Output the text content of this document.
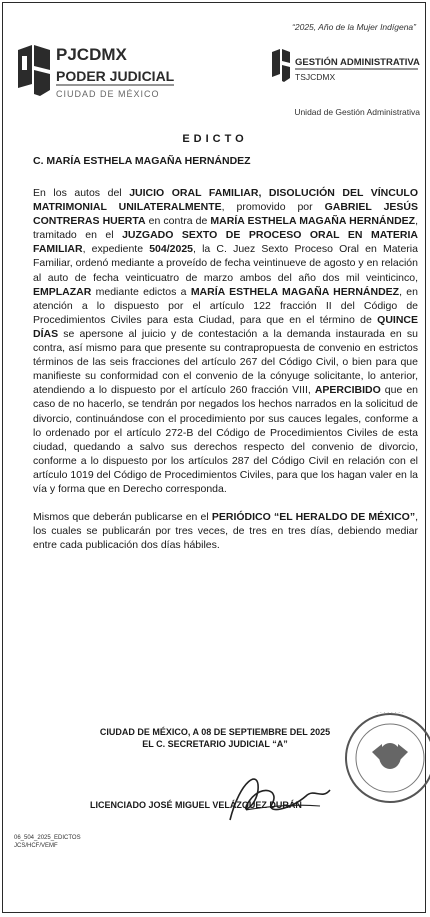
“2025, Año de la Mujer Indígena”
PJCDMX
PODER JUDICIAL
CIUDAD DE MÉXICO
GESTIÓN ADMINISTRATIVA
TSJCDMX
Unidad de Gestión Administrativa
EDICTO
C. MARÍA ESTHELA MAGAÑA HERNÁNDEZ

En los autos del JUICIO ORAL FAMILIAR, DISOLUCIÓN DEL VÍNCULO MATRIMONIAL UNILATERALMENTE, promovido por GABRIEL JESÚS CONTRERAS HUERTA en contra de MARÍA ESTHELA MAGAÑA HERNÁNDEZ, tramitado en el JUZGADO SEXTO DE PROCESO ORAL EN MATERIA FAMILIAR, expediente 504/2025, la C. Juez Sexto Proceso Oral en Materia Familiar, ordenó mediante a proveído de fecha veintinueve de agosto y en relación al auto de fecha veinticuatro de marzo ambos del año dos mil veinticinco, EMPLAZAR mediante edictos a MARÍA ESTHELA MAGAÑA HERNÁNDEZ, en atención a lo dispuesto por el artículo 122 fracción II del Código de Procedimientos Civiles para esta Ciudad, para que en el término de QUINCE DÍAS se apersone al juicio y de contestación a la demanda instaurada en su contra, así mismo para que presente su contrapropuesta de convenio en estrictos términos de las seis fracciones del artículo 267 del Código Civil, o bien para que manifieste su conformidad con el convenio de la cónyuge solicitante, lo anterior, atendiendo a lo dispuesto por el artículo 260 fracción VIII, APERCIBIDO que en caso de no hacerlo, se tendrán por negados los hechos narrados en la solicitud de divorcio, continuándose con el procedimiento por sus cauces legales, conforme a lo ordenado por el artículo 272-B del Código de Procedimientos Civiles de esta ciudad, quedando a salvo sus derechos respecto del convenio de divorcio, conforme a lo dispuesto por los artículos 287 del Código Civil en relación con el artículo 1019 del Código de Procedimientos Civiles, para que los hagan valer en la vía y forma que en Derecho corresponda.

Mismos que deberán publicarse en el PERIÓDICO “EL HERALDO DE MÉXICO”, los cuales se publicarán por tres veces, de tres en tres días, debiendo mediar entre cada publicación dos días hábiles.

CIUDAD DE MÉXICO, A 08 DE SEPTIEMBRE DEL 2025
EL C. SECRETARIO JUDICIAL “A”
· · · · · · · ·
LICENCIADO JOSÉ MIGUEL VELÁZQUEZ DURÁN
06_504_2025_EDICTOS
JCS/HCF/VEMF
